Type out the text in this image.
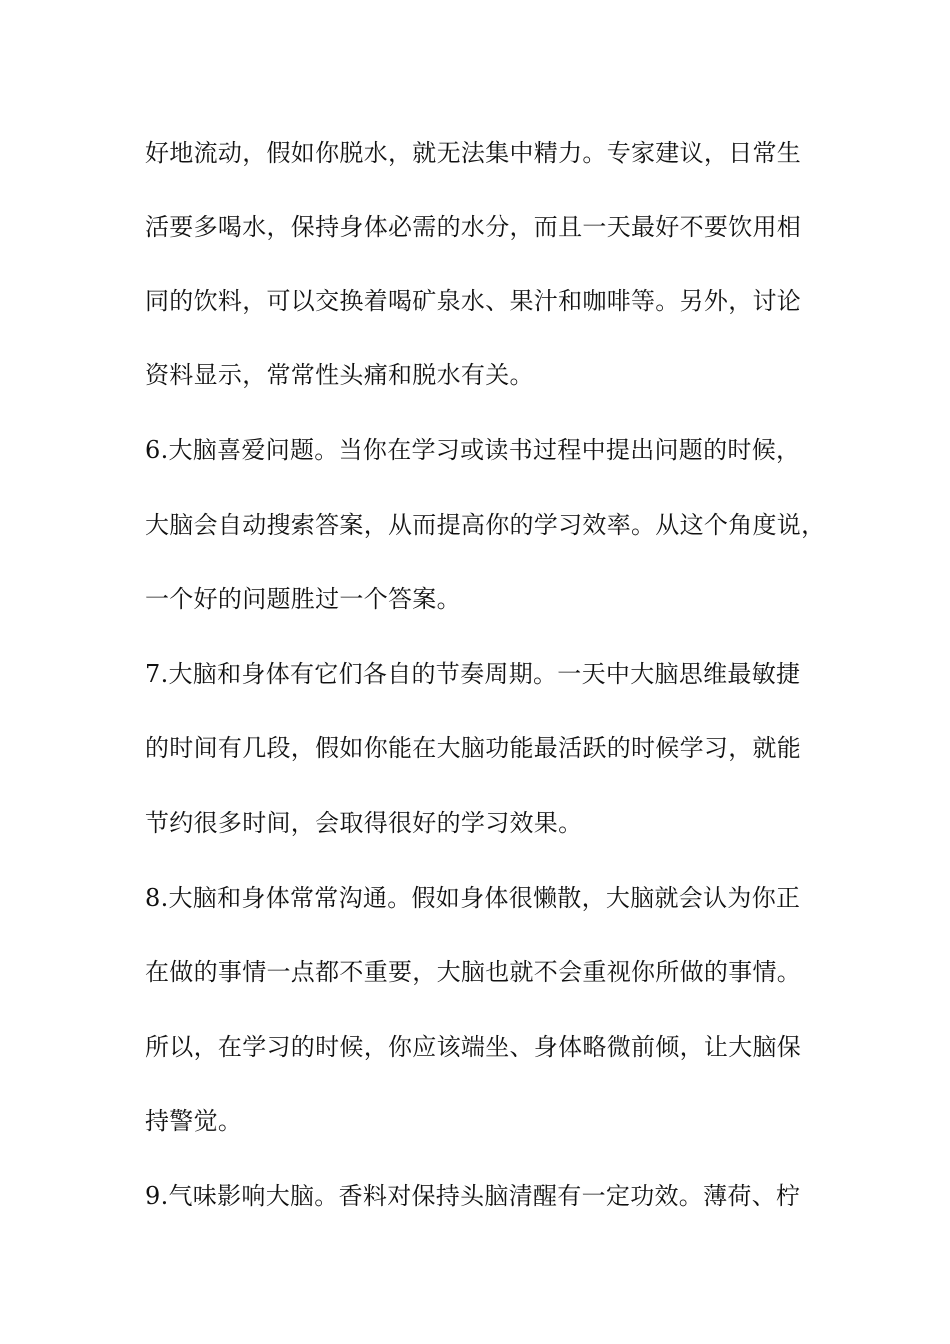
好地流动，假如你脱水，就无法集中精力。专家建议，日常生
活要多喝水，保持身体必需的水分，而且一天最好不要饮用相
同的饮料，可以交换着喝矿泉水、果汁和咖啡等。另外，讨论
资料显示，常常性头痛和脱水有关。
6.大脑喜爱问题。当你在学习或读书过程中提出问题的时候，
大脑会自动搜索答案，从而提高你的学习效率。从这个角度说，
一个好的问题胜过一个答案。
7.大脑和身体有它们各自的节奏周期。一天中大脑思维最敏捷
的时间有几段，假如你能在大脑功能最活跃的时候学习，就能
节约很多时间，会取得很好的学习效果。
8.大脑和身体常常沟通。假如身体很懒散，大脑就会认为你正
在做的事情一点都不重要，大脑也就不会重视你所做的事情。
所以，在学习的时候，你应该端坐、身体略微前倾，让大脑保
持警觉。
9.气味影响大脑。香料对保持头脑清醒有一定功效。薄荷、柠
